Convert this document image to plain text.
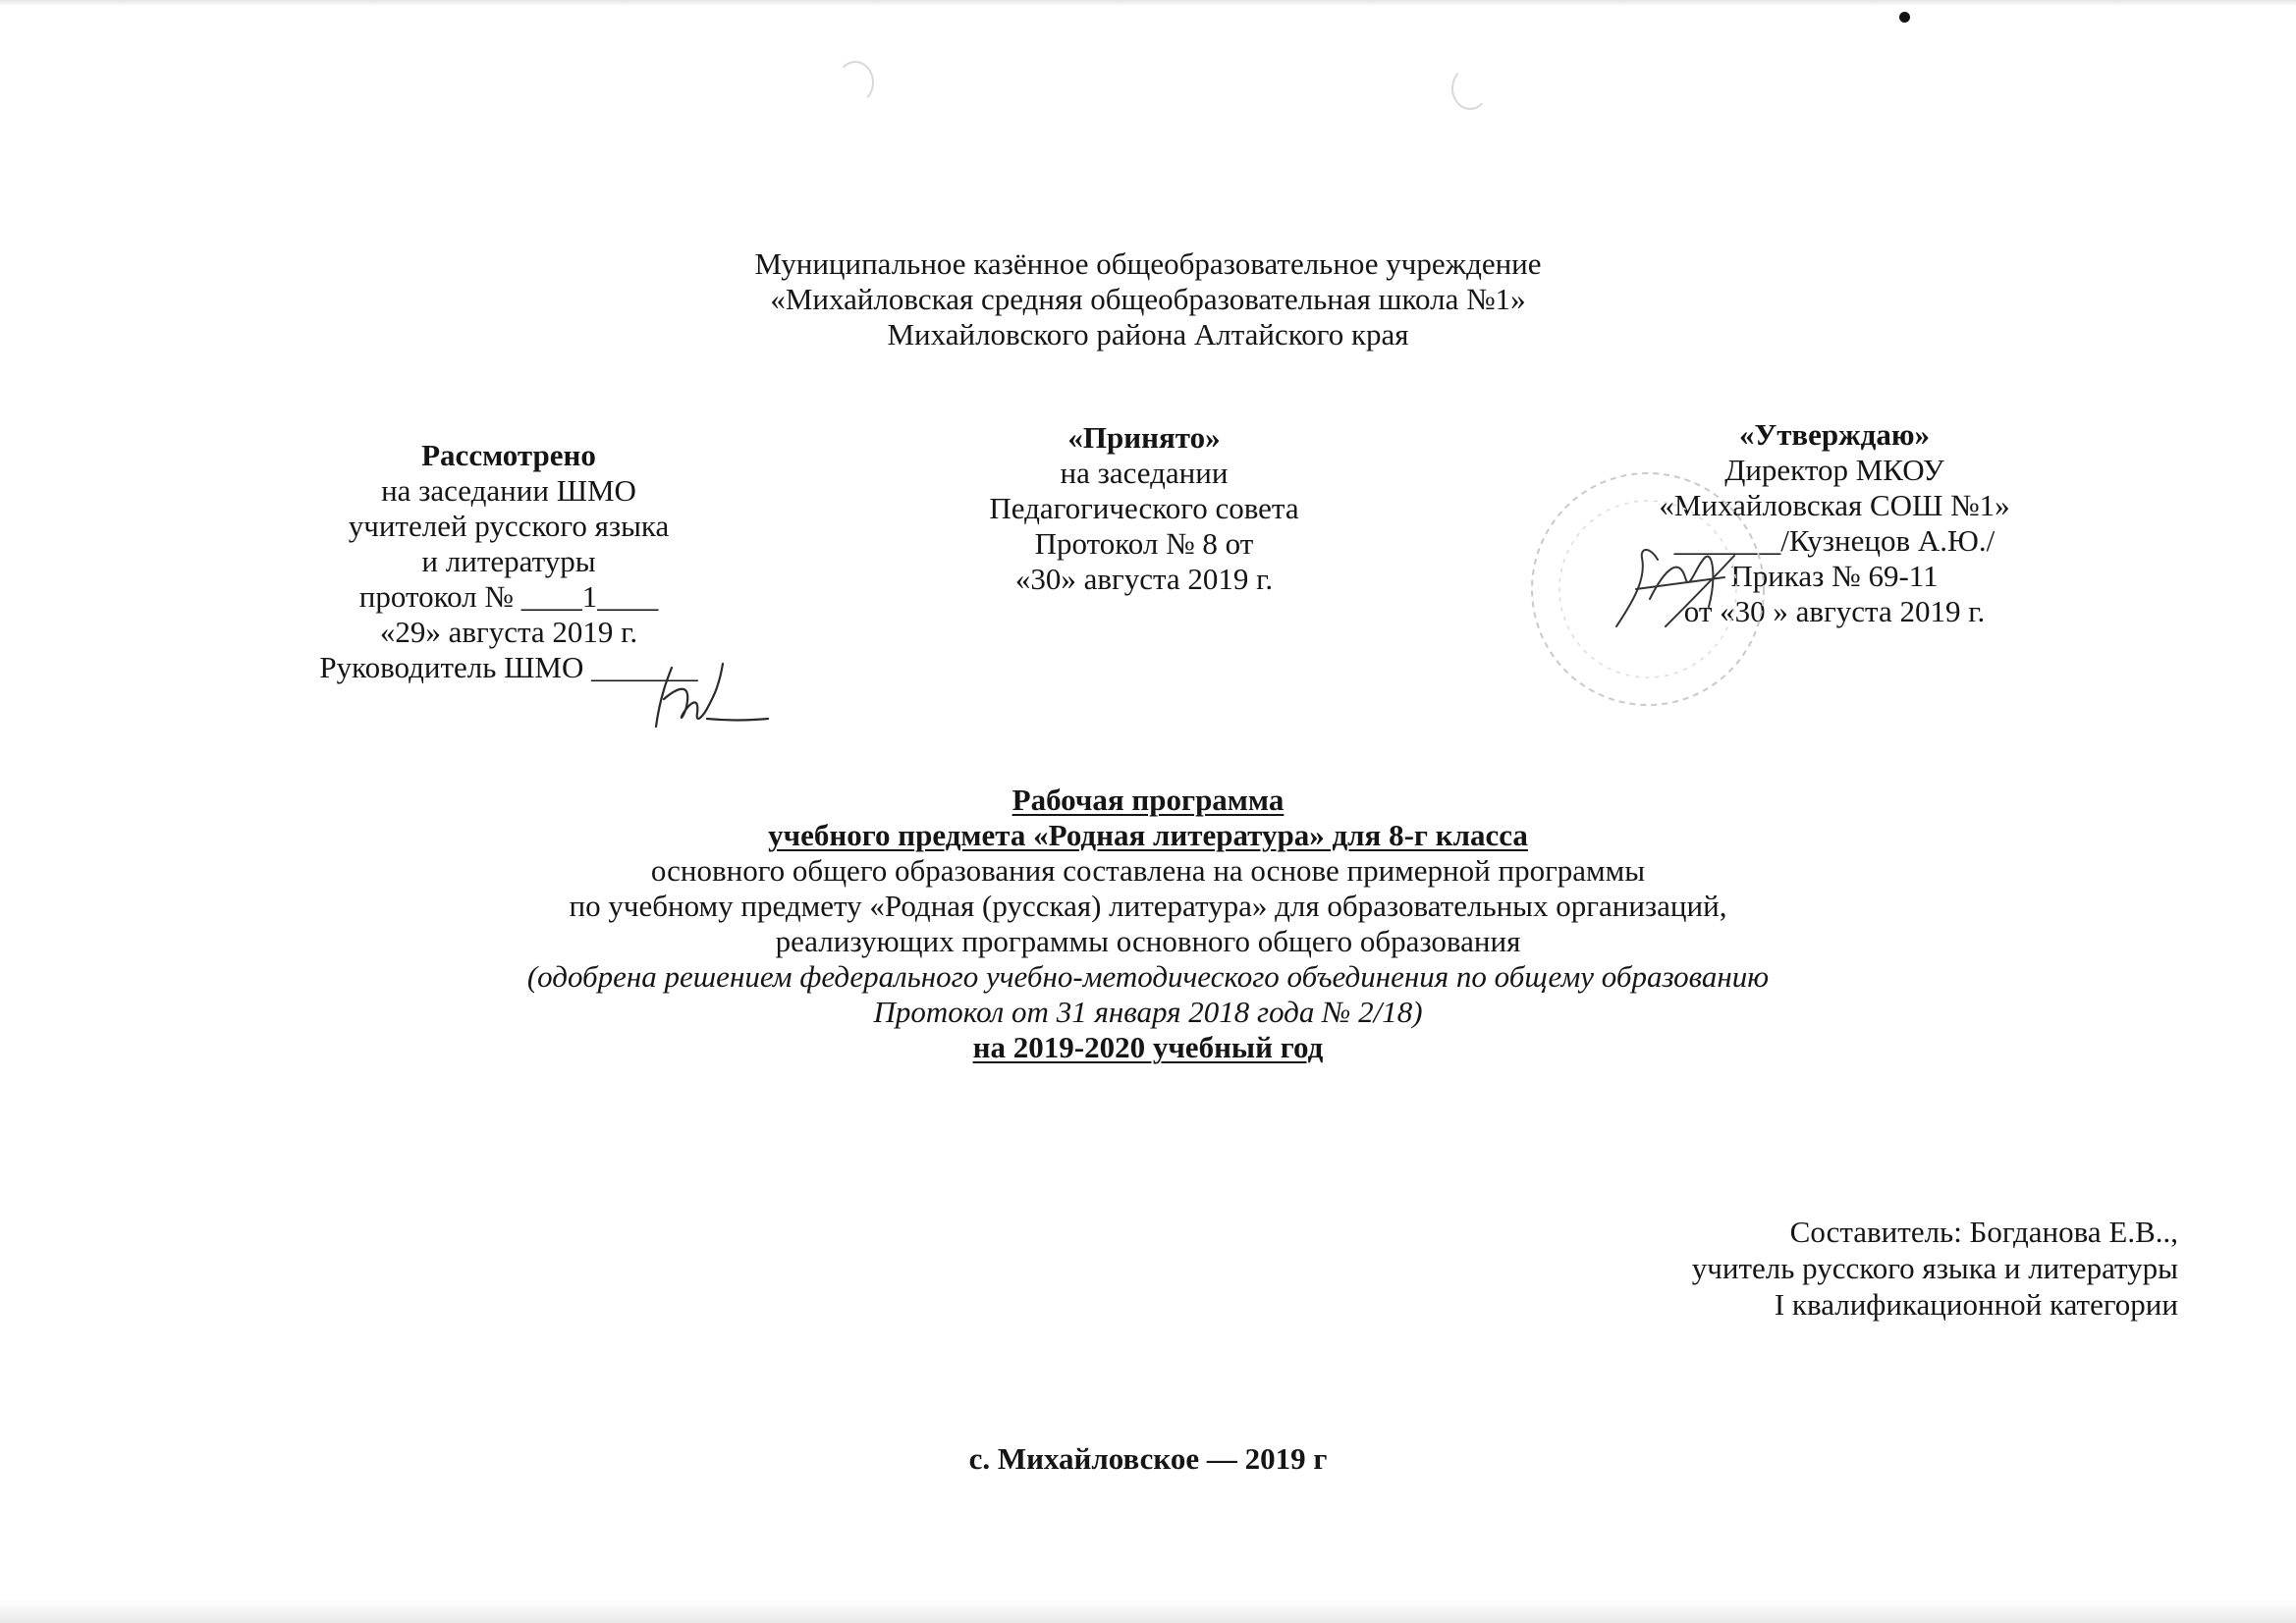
Муниципальное казённое общеобразовательное учреждение
«Михайловская средняя общеобразовательная школа №1»
Михайловского района Алтайского края
Рассмотрено
на заседании ШМО
учителей русского языка
и литературы
протокол № ____1____
«29» августа 2019 г.
Руководитель ШМО _______
«Принято»
на заседании
Педагогического совета
Протокол № 8 от
«30» августа 2019 г.
«Утверждаю»
Директор МКОУ
«Михайловская СОШ №1»
_______/Кузнецов А.Ю./
Приказ № 69-11
от «30 » августа 2019 г.
Рабочая программа
учебного предмета «Родная литература» для 8-г класса
основного общего образования составлена на основе примерной программы
по учебному предмету «Родная (русская) литература» для образовательных организаций,
реализующих программы основного общего образования
(одобрена решением федерального учебно-методического объединения по общему образованию
Протокол от 31 января 2018 года № 2/18)
на 2019-2020 учебный год
Составитель: Богданова Е.В..,
учитель русского языка и литературы
I квалификационной категории
с. Михайловское — 2019 г
